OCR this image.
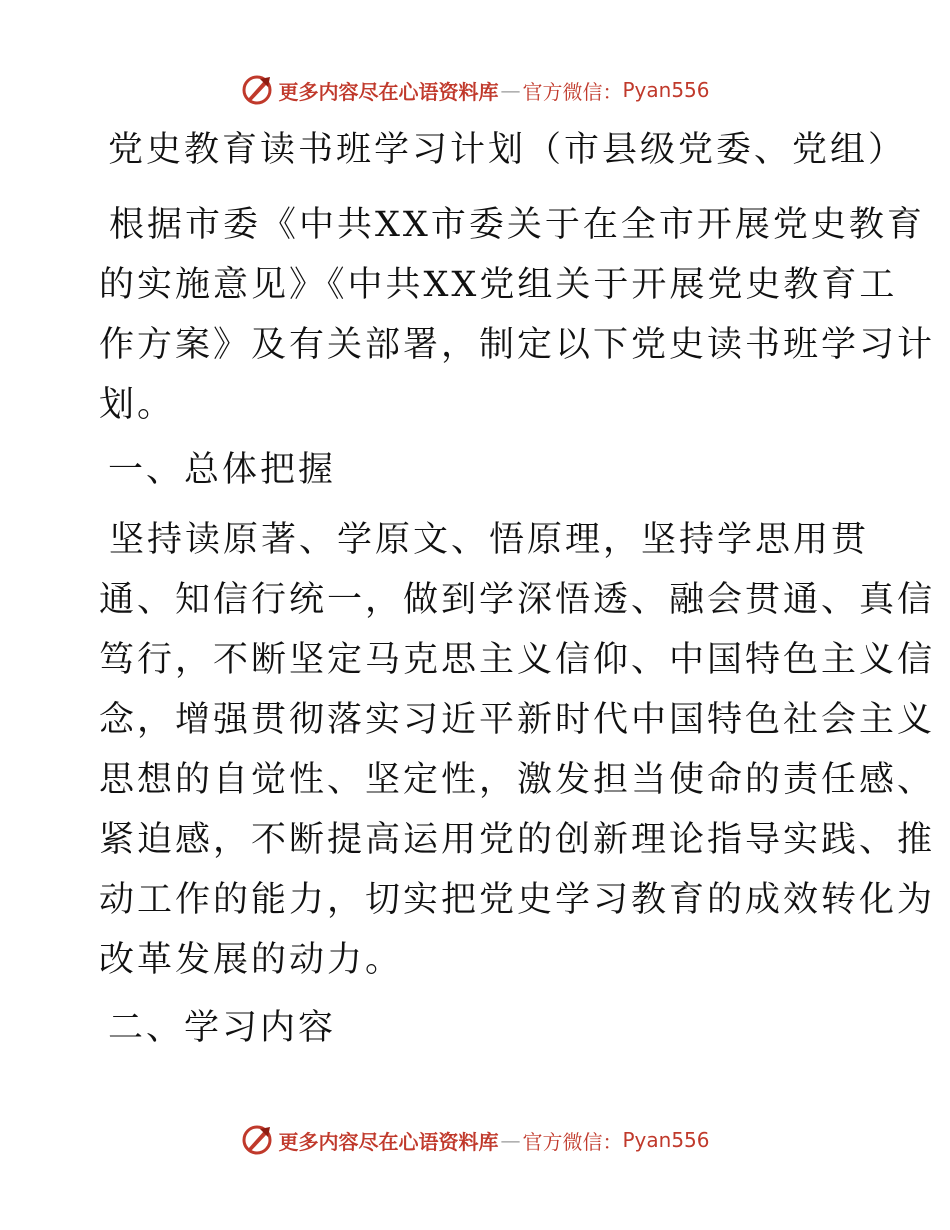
更多内容尽在心语资料库 — 官方微信： Pyan556
党史教育读书班学习计划（市县级党委、党组）
根据市委《中共XX市委关于在全市开展党史教育
的实施意见》《中共XX党组关于开展党史教育工
作方案》及有关部署，制定以下党史读书班学习计
划。
一、总体把握
坚持读原著、学原文、悟原理，坚持学思用贯
通、知信行统一，做到学深悟透、融会贯通、真信
笃行，不断坚定马克思主义信仰、中国特色主义信
念，增强贯彻落实习近平新时代中国特色社会主义
思想的自觉性、坚定性，激发担当使命的责任感、
紧迫感，不断提高运用党的创新理论指导实践、推
动工作的能力，切实把党史学习教育的成效转化为
改革发展的动力。
二、学习内容
更多内容尽在心语资料库 — 官方微信： Pyan556
